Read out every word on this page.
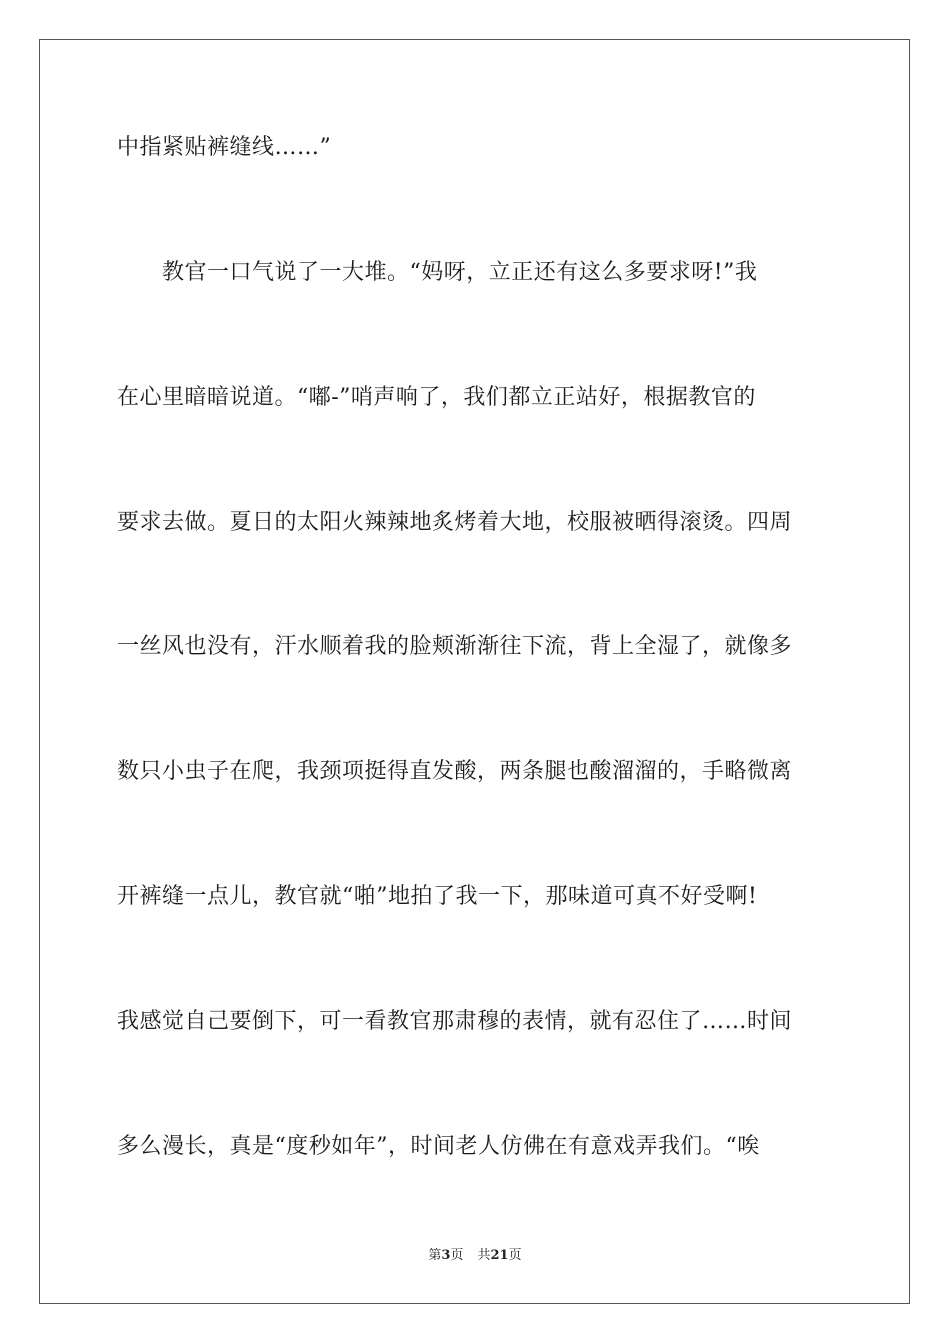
中指紧贴裤缝线……”
　　教官一口气说了一大堆。“妈呀，立正还有这么多要求呀!”我
在心里暗暗说道。“嘟-”哨声响了，我们都立正站好，根据教官的
要求去做。夏日的太阳火辣辣地炙烤着大地，校服被晒得滚烫。四周
一丝风也没有，汗水顺着我的脸颊渐渐往下流，背上全湿了，就像多
数只小虫子在爬，我颈项挺得直发酸，两条腿也酸溜溜的，手略微离
开裤缝一点儿，教官就“啪”地拍了我一下，那味道可真不好受啊!
我感觉自己要倒下，可一看教官那肃穆的表情，就有忍住了……时间
多么漫长，真是“度秒如年”，时间老人仿佛在有意戏弄我们。“唉
第3页 共21页
